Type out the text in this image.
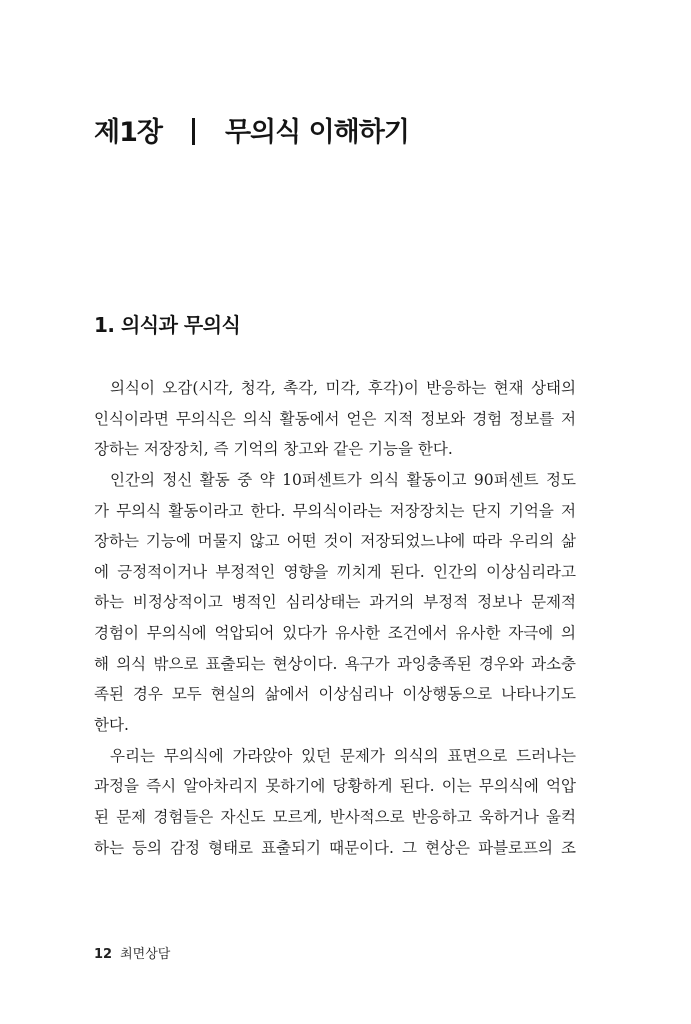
제1장 무의식 이해하기
1. 의식과 무의식
의식이 오감(시각, 청각, 촉각, 미각, 후각)이 반응하는 현재 상태의
인식이라면 무의식은 의식 활동에서 얻은 지적 정보와 경험 정보를 저
장하는 저장장치, 즉 기억의 창고와 같은 기능을 한다.
인간의 정신 활동 중 약 10퍼센트가 의식 활동이고 90퍼센트 정도
가 무의식 활동이라고 한다. 무의식이라는 저장장치는 단지 기억을 저
장하는 기능에 머물지 않고 어떤 것이 저장되었느냐에 따라 우리의 삶
에 긍정적이거나 부정적인 영향을 끼치게 된다. 인간의 이상심리라고
하는 비정상적이고 병적인 심리상태는 과거의 부정적 정보나 문제적
경험이 무의식에 억압되어 있다가 유사한 조건에서 유사한 자극에 의
해 의식 밖으로 표출되는 현상이다. 욕구가 과잉충족된 경우와 과소충
족된 경우 모두 현실의 삶에서 이상심리나 이상행동으로 나타나기도
한다.
우리는 무의식에 가라앉아 있던 문제가 의식의 표면으로 드러나는
과정을 즉시 알아차리지 못하기에 당황하게 된다. 이는 무의식에 억압
된 문제 경험들은 자신도 모르게, 반사적으로 반응하고 욱하거나 울컥
하는 등의 감정 형태로 표출되기 때문이다. 그 현상은 파블로프의 조
12 최면상담
